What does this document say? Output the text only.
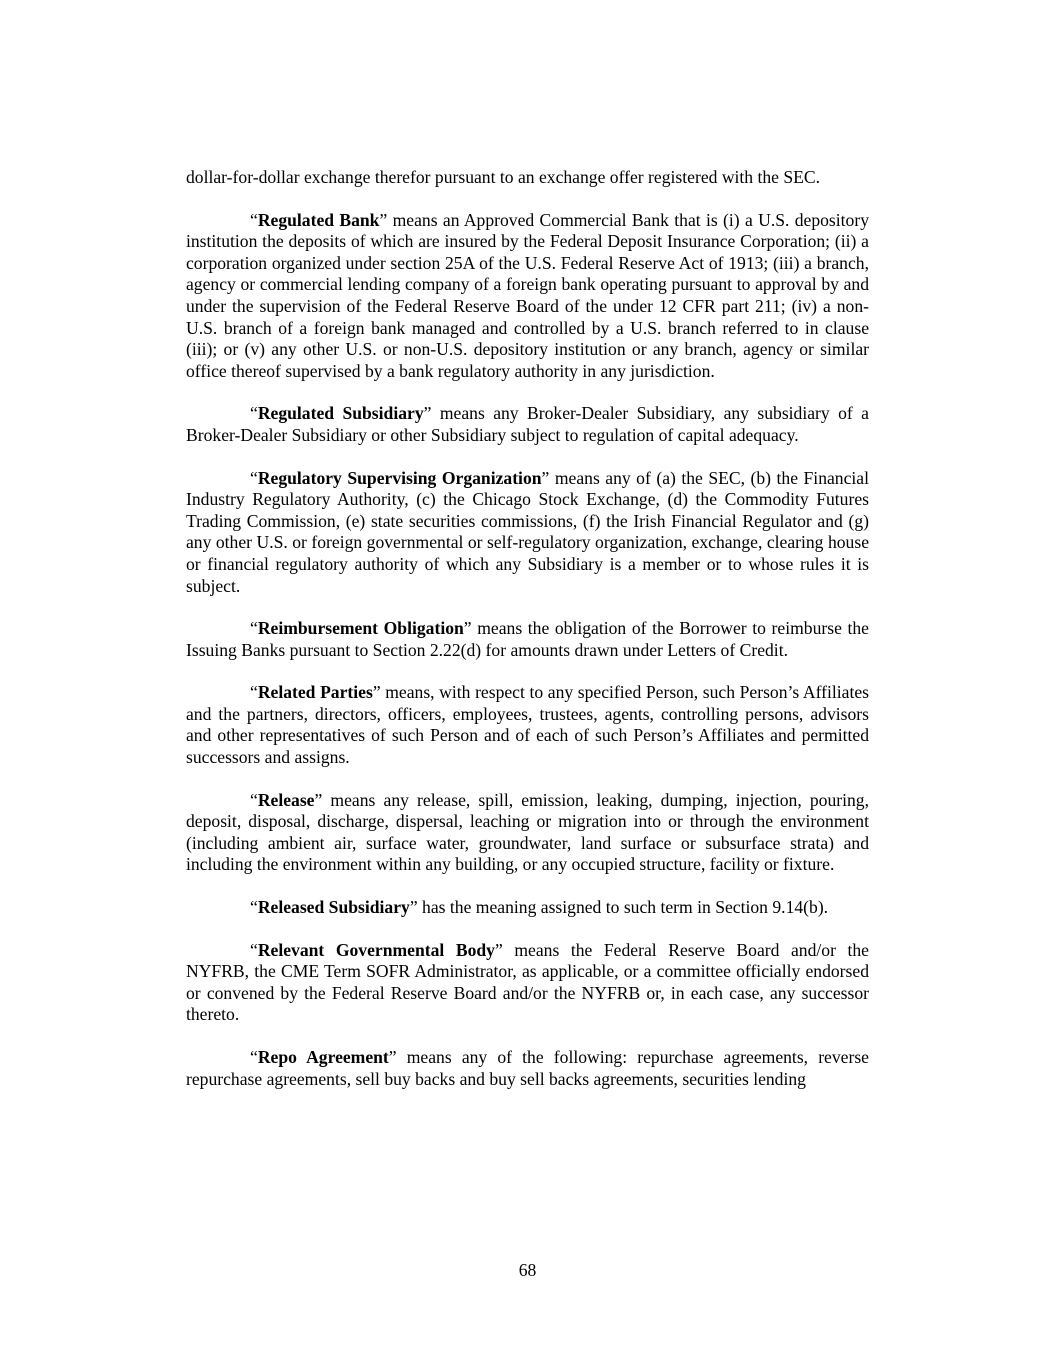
dollar-for-dollar exchange therefor pursuant to an exchange offer registered with the SEC.

“Regulated Bank” means an Approved Commercial Bank that is (i) a U.S. depository institution the deposits of which are insured by the Federal Deposit Insurance Corporation; (ii) a corporation organized under section 25A of the U.S. Federal Reserve Act of 1913; (iii) a branch, agency or commercial lending company of a foreign bank operating pursuant to approval by and under the supervision of the Federal Reserve Board of the under 12 CFR part 211; (iv) a non-U.S. branch of a foreign bank managed and controlled by a U.S. branch referred to in clause (iii); or (v) any other U.S. or non-U.S. depository institution or any branch, agency or similar office thereof supervised by a bank regulatory authority in any jurisdiction.

“Regulated Subsidiary” means any Broker-Dealer Subsidiary, any subsidiary of a Broker-Dealer Subsidiary or other Subsidiary subject to regulation of capital adequacy.

“Regulatory Supervising Organization” means any of (a) the SEC, (b) the Financial Industry Regulatory Authority, (c) the Chicago Stock Exchange, (d) the Commodity Futures Trading Commission, (e) state securities commissions, (f) the Irish Financial Regulator and (g) any other U.S. or foreign governmental or self-regulatory organization, exchange, clearing house or financial regulatory authority of which any Subsidiary is a member or to whose rules it is subject.

“Reimbursement Obligation” means the obligation of the Borrower to reimburse the Issuing Banks pursuant to Section 2.22(d) for amounts drawn under Letters of Credit.

“Related Parties” means, with respect to any specified Person, such Person’s Affiliates and the partners, directors, officers, employees, trustees, agents, controlling persons, advisors and other representatives of such Person and of each of such Person’s Affiliates and permitted successors and assigns.

“Release” means any release, spill, emission, leaking, dumping, injection, pouring, deposit, disposal, discharge, dispersal, leaching or migration into or through the environment (including ambient air, surface water, groundwater, land surface or subsurface strata) and including the environment within any building, or any occupied structure, facility or fixture.

“Released Subsidiary” has the meaning assigned to such term in Section 9.14(b).

“Relevant Governmental Body” means the Federal Reserve Board and/or the NYFRB, the CME Term SOFR Administrator, as applicable, or a committee officially endorsed or convened by the Federal Reserve Board and/or the NYFRB or, in each case, any successor thereto.

“Repo Agreement” means any of the following: repurchase agreements, reverse repurchase agreements, sell buy backs and buy sell backs agreements, securities lending

68
